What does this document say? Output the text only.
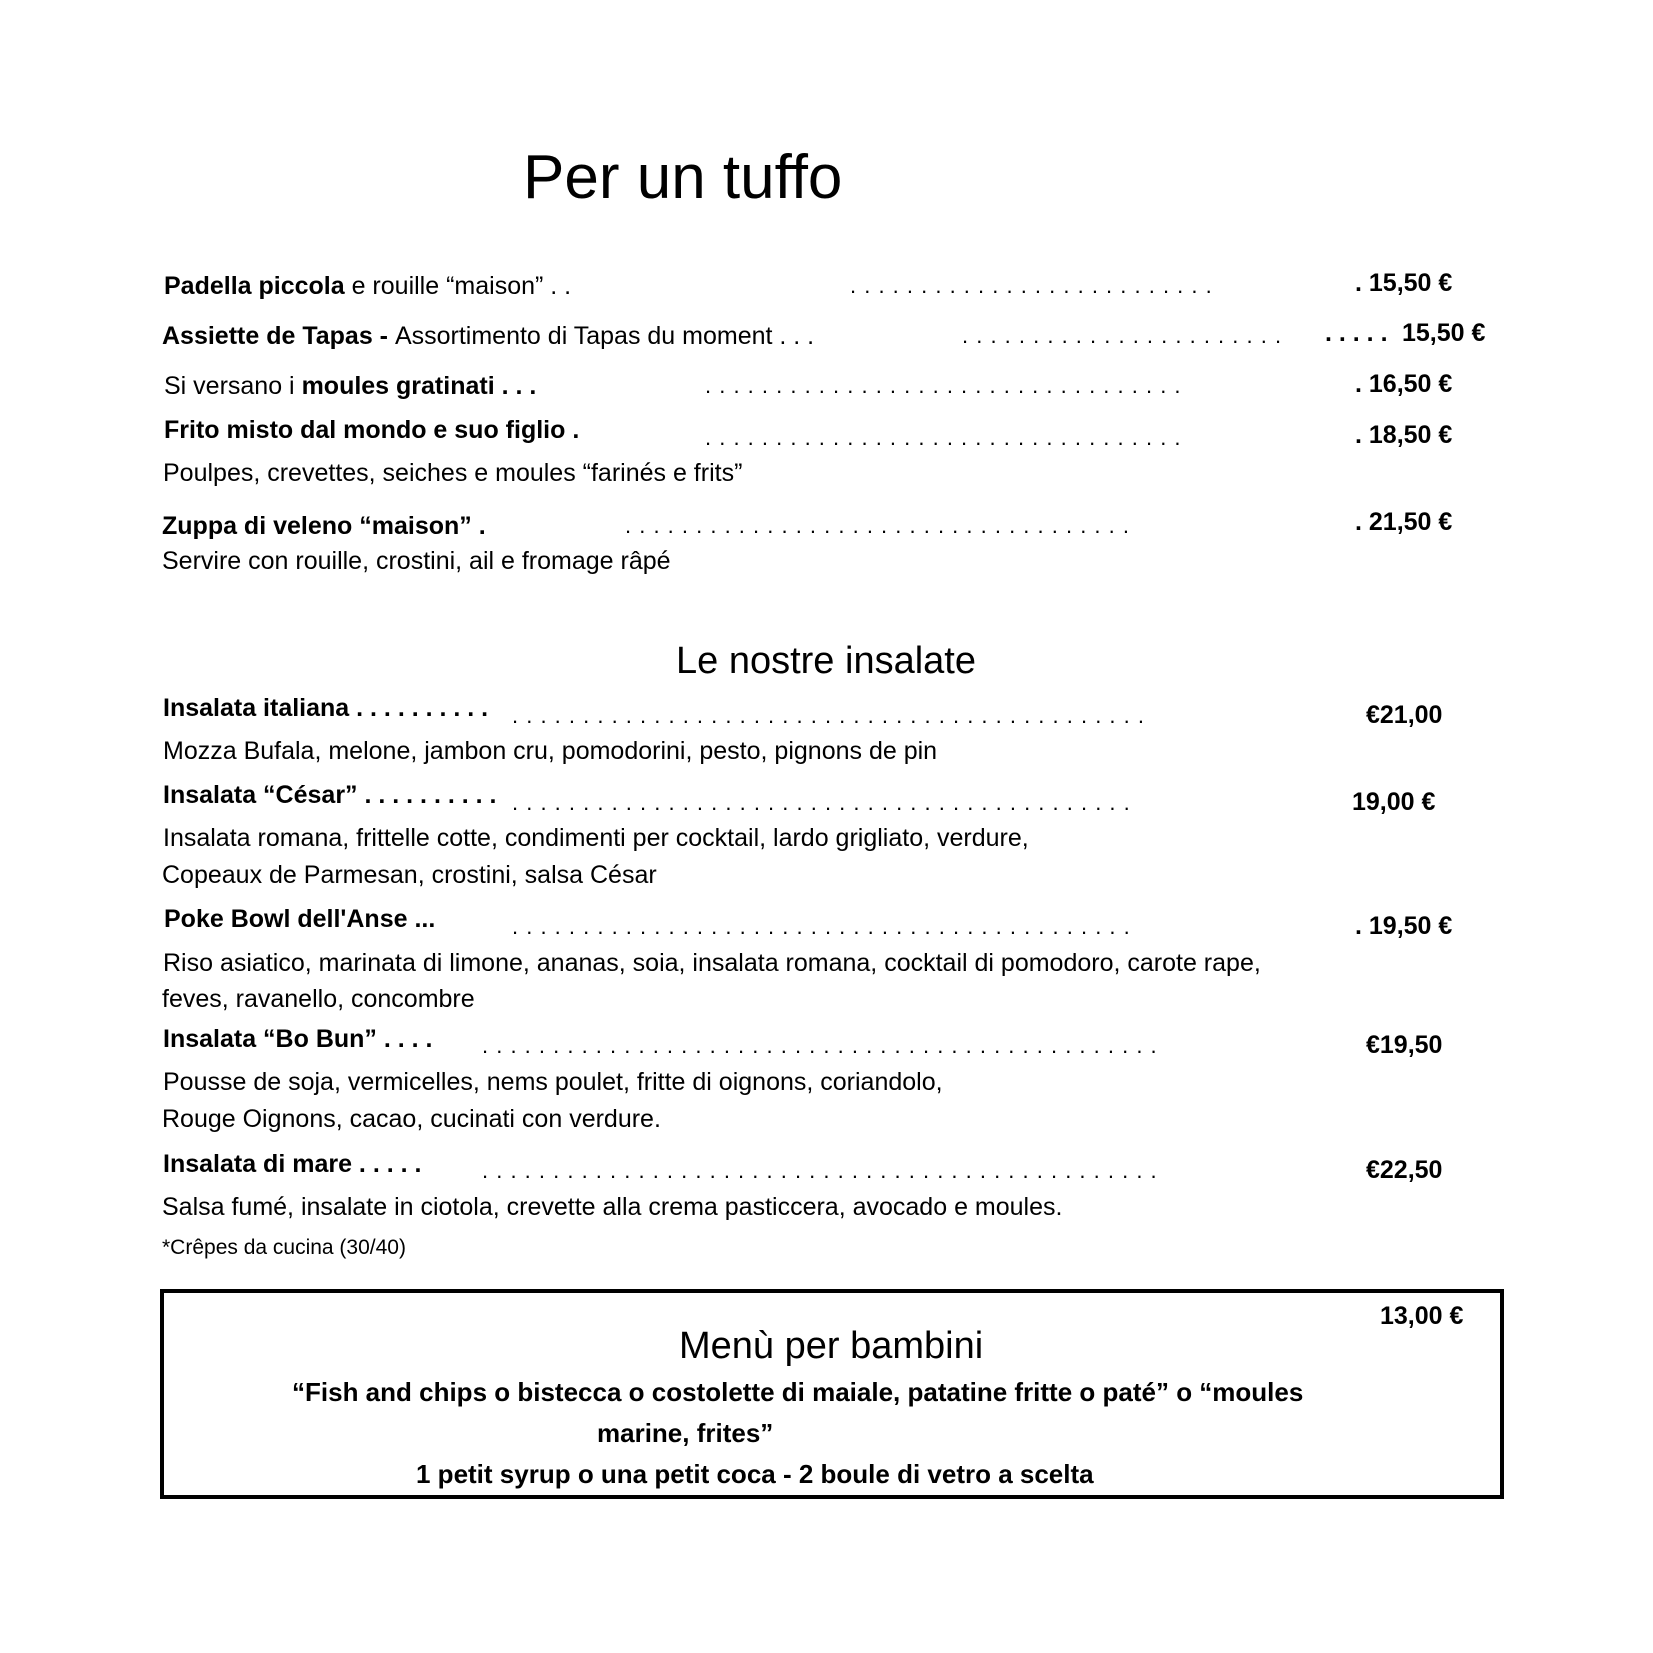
Per un tuffo
Padella piccola e rouille “maison” . .	. . . . . . . . . . . . . . . . . . . . . . . . . .	. 15,50 €
Assiette de Tapas - Assortimento di Tapas du moment . . .	. . . . . . . . . . . . . . . . . . . . . . . . . . . . 15,50 €
Si versano i moules gratinati . . .	. . . . . . . . . . . . . . . . . . . . . . . . . . . . . . . . . .	. 16,50 €
Frito misto dal mondo e suo figlio .	. . . . . . . . . . . . . . . . . . . . . . . . . . . . . . . . . .	. 18,50 €
Poulpes, crevettes, seiches e moules “farinés e frits”
Zuppa di veleno “maison” .	. . . . . . . . . . . . . . . . . . . . . . . . . . . . . . . . . . . .	. 21,50 €
Servire con rouille, crostini, ail e fromage râpé
Le nostre insalate
Insalata italiana . . . . . . . . . . . . . . . . . . . . . . . . . . . . . . . . . . . . . . . . . . . . . . . . . . . . . . .	€21,00
Mozza Bufala, melone, jambon cru, pomodorini, pesto, pignons de pin
Insalata “César” . . . . . . . . . . . . . . . . . . . . . . . . . . . . . . . . . . . . . . . . . . . . . . . . . . . . . .	19,00 €
Insalata romana, frittelle cotte, condimenti per cocktail, lardo grigliato, verdure,
Copeaux de Parmesan, crostini, salsa César
Poke Bowl dell'Anse ...	. . . . . . . . . . . . . . . . . . . . . . . . . . . . . . . . . . . . . . . . . . . .	. 19,50 €
Riso asiatico, marinata di limone, ananas, soia, insalata romana, cocktail di pomodoro, carote rape,
feves, ravanello, concombre
Insalata “Bo Bun” . . . . . . . . . . . . . . . . . . . . . . . . . . . . . . . . . . . . . . . . . . . . . . . . . . . .	€19,50
Pousse de soja, vermicelles, nems poulet, fritte di oignons, coriandolo,
Rouge Oignons, cacao, cucinati con verdure.
Insalata di mare . . . . .	. . . . . . . . . . . . . . . . . . . . . . . . . . . . . . . . . . . . . . . . . . . . . . . .	€22,50
Salsa fumé, insalate in ciotola, crevette alla crema pasticcera, avocado e moules.
*Crêpes da cucina (30/40)
13,00 €
Menù per bambini
“Fish and chips o bistecca o costolette di maiale, patatine fritte o paté” o “moules
marine, frites”
1 petit syrup o una petit coca - 2 boule di vetro a scelta
